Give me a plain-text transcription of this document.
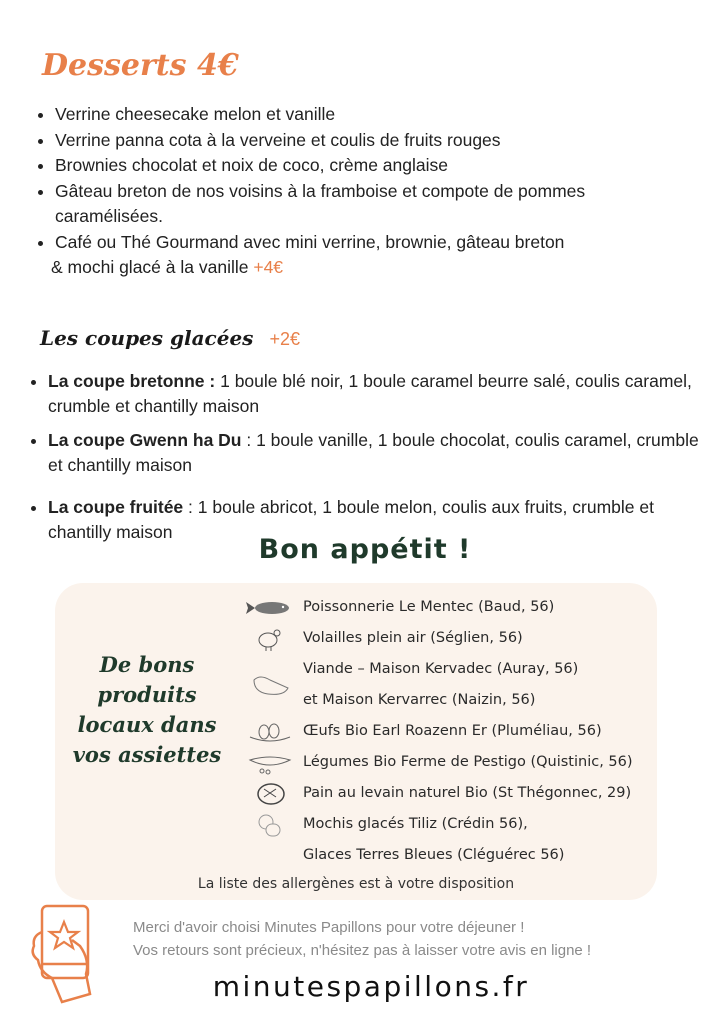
Desserts 4€
• Verrine cheesecake melon et vanille
• Verrine panna cota à la verveine et coulis de fruits rouges
• Brownies chocolat et noix de coco, crème anglaise
• Gâteau breton de nos voisins à la framboise et compote de pommes caramélisées.
• Café ou Thé Gourmand avec mini verrine, brownie, gâteau breton
& mochi glacé à la vanille +4€
Les coupes glacées +2€
• La coupe bretonne : 1 boule blé noir, 1 boule caramel beurre salé, coulis caramel, crumble et chantilly maison
• La coupe Gwenn ha Du : 1 boule vanille, 1 boule chocolat, coulis caramel, crumble et chantilly maison
• La coupe fruitée : 1 boule abricot, 1 boule melon, coulis aux fruits, crumble et chantilly maison
Bon appétit !
De bons produits locaux dans vos assiettes
Poissonnerie Le Mentec (Baud, 56)
Volailles plein air (Séglien, 56)
Viande – Maison Kervadec (Auray, 56)
et Maison Kervarrec (Naizin, 56)
Œufs Bio Earl Roazenn Er (Pluméliau, 56)
Légumes Bio Ferme de Pestigo (Quistinic, 56)
Pain au levain naturel Bio (St Thégonnec, 29)
Mochis glacés Tiliz (Crédin 56),
Glaces Terres Bleues (Cléguérec 56)
La liste des allergènes est à votre disposition
Merci d'avoir choisi Minutes Papillons pour votre déjeuner !
Vos retours sont précieux, n'hésitez pas à laisser votre avis en ligne !
minutespapillons.fr
